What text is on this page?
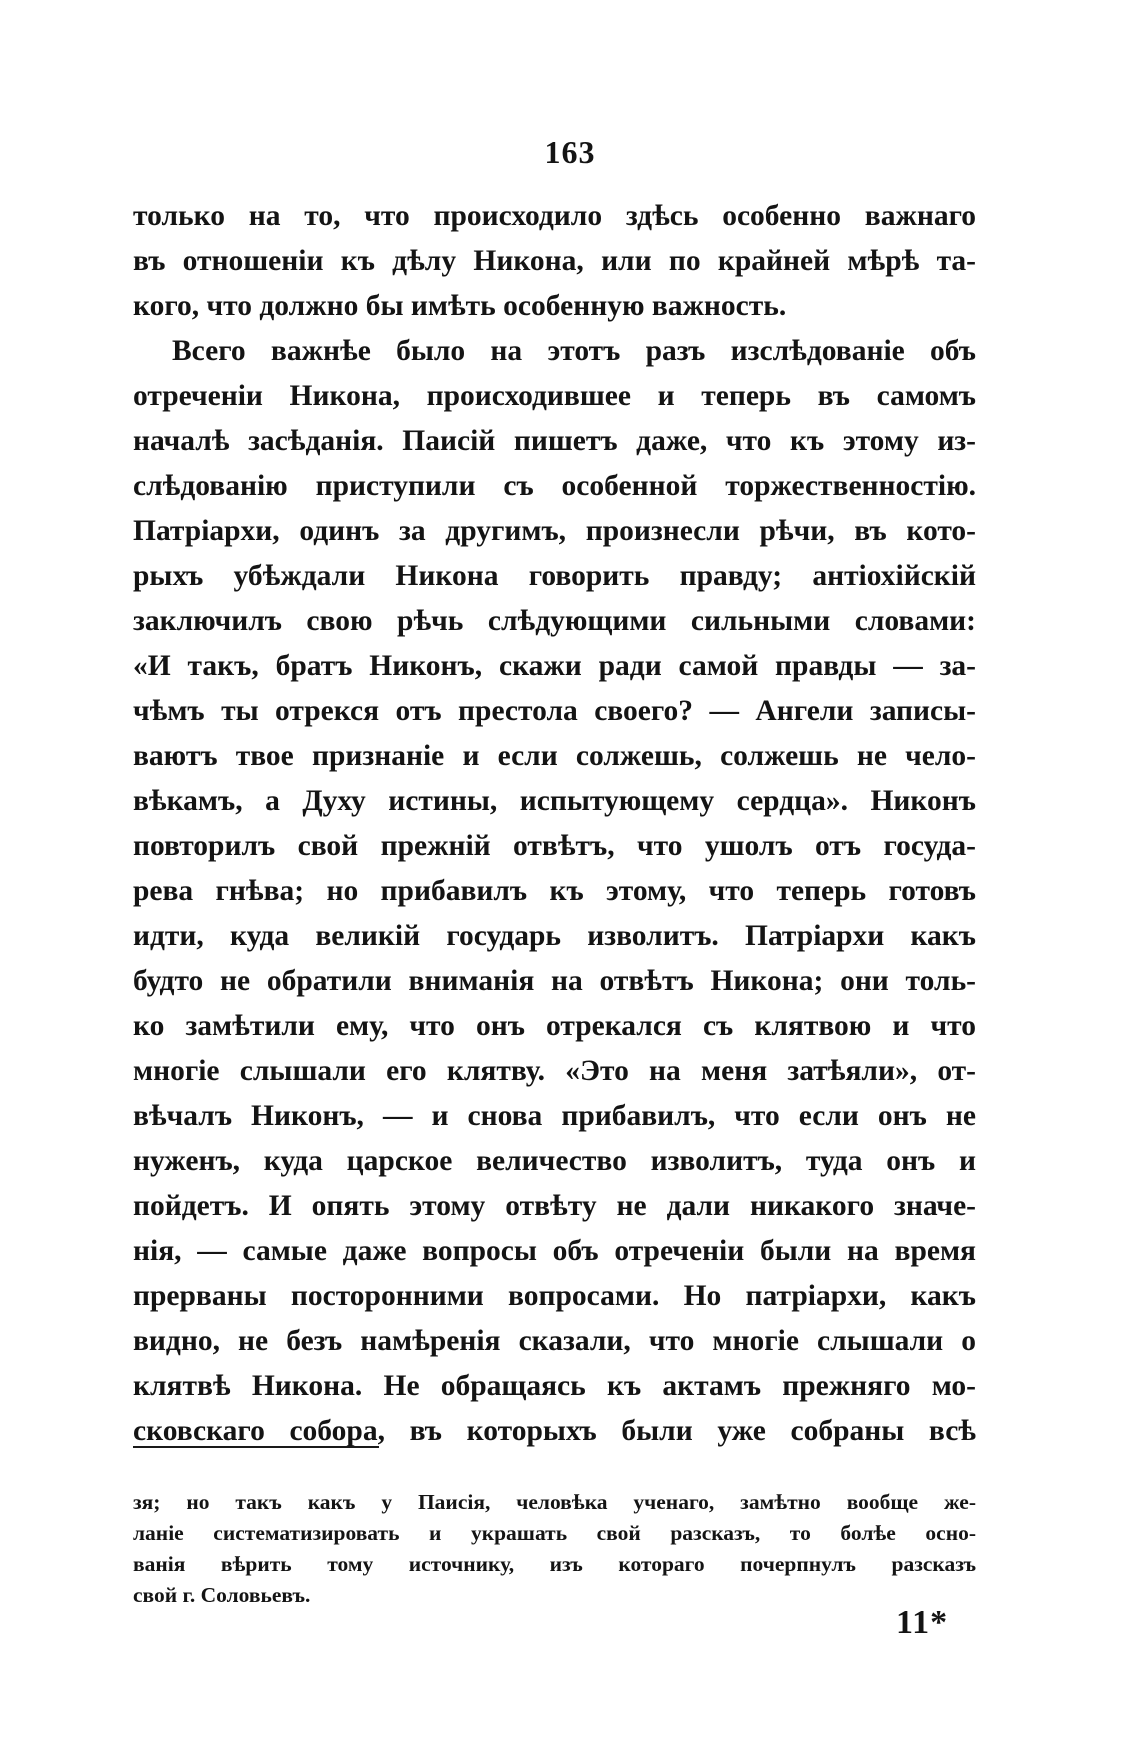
163
только на то, что происходило здѣсь особенно важнаго
въ отношеніи къ дѣлу Никона, или по крайней мѣрѣ та-
кого, что должно бы имѣть особенную важность.
Всего важнѣе было на этотъ разъ изслѣдованіе объ
отреченіи Никона, происходившее и теперь въ самомъ
началѣ засѣданія. Паисій пишетъ даже, что къ этому из-
слѣдованію приступили съ особенной торжественностію.
Патріархи, одинъ за другимъ, произнесли рѣчи, въ кото-
рыхъ убѣждали Никона говорить правду; антіохійскій
заключилъ свою рѣчь слѣдующими сильными словами:
«И такъ, братъ Никонъ, скажи ради самой правды — за-
чѣмъ ты отрекся отъ престола своего? — Ангели записы-
ваютъ твое признаніе и если солжешь, солжешь не чело-
вѣкамъ, а Духу истины, испытующему сердца». Никонъ
повторилъ свой прежній отвѣтъ, что ушолъ отъ госуда-
рева гнѣва; но прибавилъ къ этому, что теперь готовъ
идти, куда великій государь изволитъ. Патріархи какъ
будто не обратили вниманія на отвѣтъ Никона; они толь-
ко замѣтили ему, что онъ отрекался съ клятвою и что
многіе слышали его клятву. «Это на меня затѣяли», от-
вѣчалъ Никонъ, — и снова прибавилъ, что если онъ не
нуженъ, куда царское величество изволитъ, туда онъ и
пойдетъ. И опять этому отвѣту не дали никакого значе-
нія, — самые даже вопросы объ отреченіи были на время
прерваны посторонними вопросами. Но патріархи, какъ
видно, не безъ намѣренія сказали, что многіе слышали о
клятвѣ Никона. Не обращаясь къ актамъ прежняго мо-
сковскаго собора, въ которыхъ были уже собраны всѣ
зя; но такъ какъ у Паисія, человѣка ученаго, замѣтно вообще же-
ланіе систематизировать и украшать свой разсказъ, то болѣе осно-
ванія вѣрить тому источнику, изъ котораго почерпнулъ разсказъ
свой г. Соловьевъ.
11*
